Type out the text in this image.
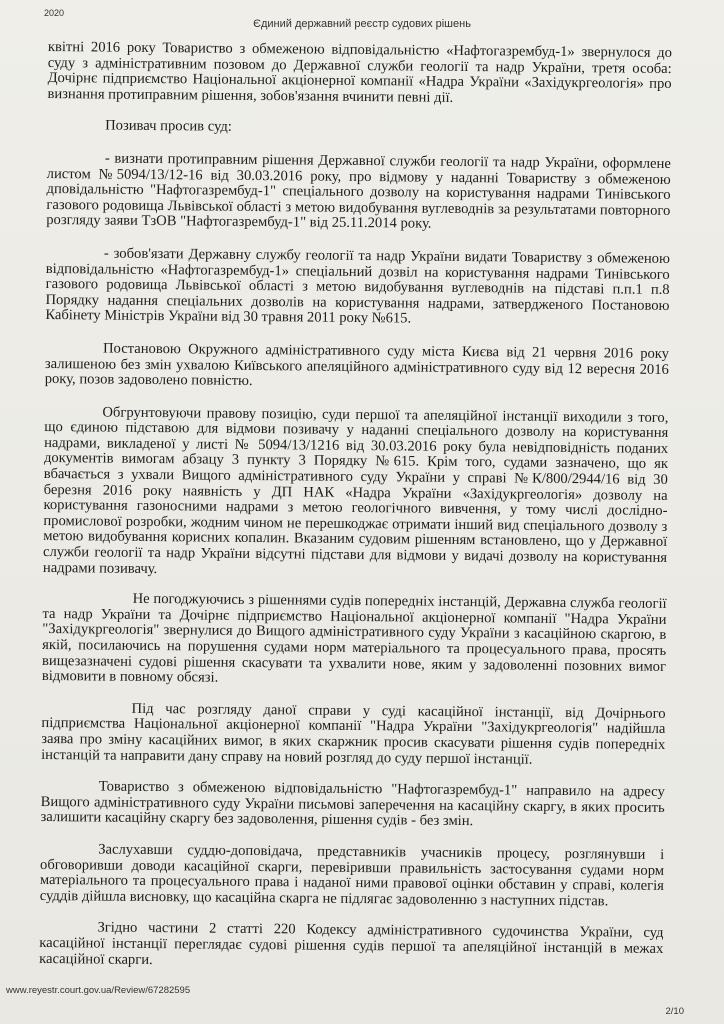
2020
Єдиний державний реєстр судових рішень

квітні 2016 року Товариство з обмеженою відповідальністю «Нафтогазрембуд-1» звернулося до суду з адміністративним позовом до Державної служби геології та надр України, третя особа: Дочірнє підприємство Національної акціонерної компанії «Надра України «Західукргеологія» про визнання протиправним рішення, зобов'язання вчинити певні дії.

Позивач просив суд:

- визнати протиправним рішення Державної служби геології та надр України, оформлене листом №5094/13/12-16 від 30.03.2016 року, про відмову у наданні Товариству з обмеженою дповідальністю "Нафтогазрембуд-1" спеціального дозволу на користування надрами Тинівського газового родовища Львівської області з метою видобування вуглеводнів за результатами повторного розгляду заяви ТзОВ "Нафтогазрембуд-1" від 25.11.2014 року.

- зобов'язати Державну службу геології та надр України видати Товариству з обмеженою відповідальністю «Нафтогазрембуд-1» спеціальний дозвіл на користування надрами Тинівського газового родовища Львівської області з метою видобування вуглеводнів на підставі п.п.1 п.8 Порядку надання спеціальних дозволів на користування надрами, затвердженого Постановою Кабінету Міністрів України від 30 травня 2011 року №615.

Постановою Окружного адміністративного суду міста Києва від 21 червня 2016 року залишеною без змін ухвалою Київського апеляційного адміністративного суду від 12 вересня 2016 року, позов задоволено повністю.

Обгрунтовуючи правову позицію, суди першої та апеляційної інстанції виходили з того, що єдиною підставою для відмови позивачу у наданні спеціального дозволу на користування надрами, викладеної у листі № 5094/13/1216 від 30.03.2016 року була невідповідність поданих документів вимогам абзацу 3 пункту 3 Порядку №615. Крім того, судами зазначено, що як вбачається з ухвали Вищого адміністративного суду України у справі №К/800/2944/16 від 30 березня 2016 року наявність у ДП НАК «Надра України «Західукргеологія» дозволу на користування газоносними надрами з метою геологічного вивчення, у тому числі дослідно-промислової розробки, жодним чином не перешкоджає отримати інший вид спеціального дозволу з метою видобування корисних копалин. Вказаним судовим рішенням встановлено, що у Державної служби геології та надр України відсутні підстави для відмови у видачі дозволу на користування надрами позивачу.

Не погоджуючись з рішеннями судів попередніх інстанцій, Державна служба геології та надр України та Дочірнє підприємство Національної акціонерної компанії "Надра України "Західукргеологія" звернулися до Вищого адміністративного суду України з касаційною скаргою, в якій, посилаючись на порушення судами норм матеріального та процесуального права, просять вищезазначені судові рішення скасувати та ухвалити нове, яким у задоволенні позовних вимог відмовити в повному обсязі.

Під час розгляду даної справи у суді касаційної інстанції, від Дочірнього підприємства Національної акціонерної компанії "Надра України "Західукргеологія" надійшла заява про зміну касаційних вимог, в яких скаржник просив скасувати рішення судів попередніх інстанцій та направити дану справу на новий розгляд до суду першої інстанції.

Товариство з обмеженою відповідальністю "Нафтогазрембуд-1" направило на адресу Вищого адміністративного суду України письмові заперечення на касаційну скаргу, в яких просить залишити касаційну скаргу без задоволення, рішення судів - без змін.

Заслухавши суддю-доповідача, представників учасників процесу, розглянувши і обговоривши доводи касаційної скарги, перевіривши правильність застосування судами норм матеріального та процесуального права і наданої ними правової оцінки обставин у справі, колегія суддів дійшла висновку, що касаційна скарга не підлягає задоволенню з наступних підстав.

Згідно частини 2 статті 220 Кодексу адміністративного судочинства України, суд касаційної інстанції переглядає судові рішення судів першої та апеляційної інстанцій в межах касаційної скарги.

www.reyestr.court.gov.ua/Review/67282595
2/10
